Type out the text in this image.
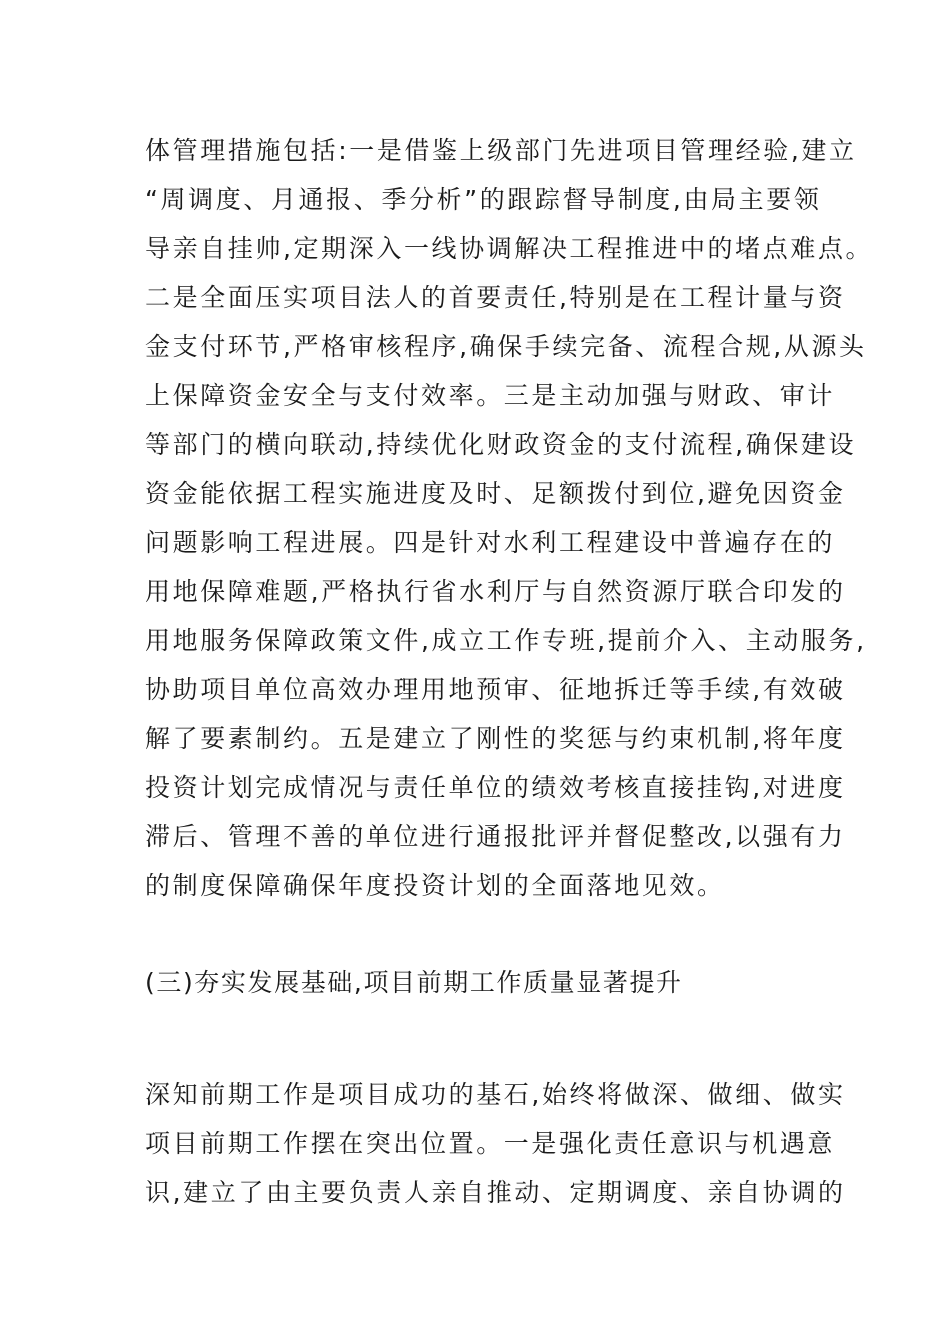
体管理措施包括:一是借鉴上级部门先进项目管理经验,建立
“周调度、月通报、季分析”的跟踪督导制度,由局主要领
导亲自挂帅,定期深入一线协调解决工程推进中的堵点难点。
二是全面压实项目法人的首要责任,特别是在工程计量与资
金支付环节,严格审核程序,确保手续完备、流程合规,从源头
上保障资金安全与支付效率。三是主动加强与财政、审计
等部门的横向联动,持续优化财政资金的支付流程,确保建设
资金能依据工程实施进度及时、足额拨付到位,避免因资金
问题影响工程进展。四是针对水利工程建设中普遍存在的
用地保障难题,严格执行省水利厅与自然资源厅联合印发的
用地服务保障政策文件,成立工作专班,提前介入、主动服务,
协助项目单位高效办理用地预审、征地拆迁等手续,有效破
解了要素制约。五是建立了刚性的奖惩与约束机制,将年度
投资计划完成情况与责任单位的绩效考核直接挂钩,对进度
滞后、管理不善的单位进行通报批评并督促整改,以强有力
的制度保障确保年度投资计划的全面落地见效。
(三)夯实发展基础,项目前期工作质量显著提升
深知前期工作是项目成功的基石,始终将做深、做细、做实
项目前期工作摆在突出位置。一是强化责任意识与机遇意
识,建立了由主要负责人亲自推动、定期调度、亲自协调的
